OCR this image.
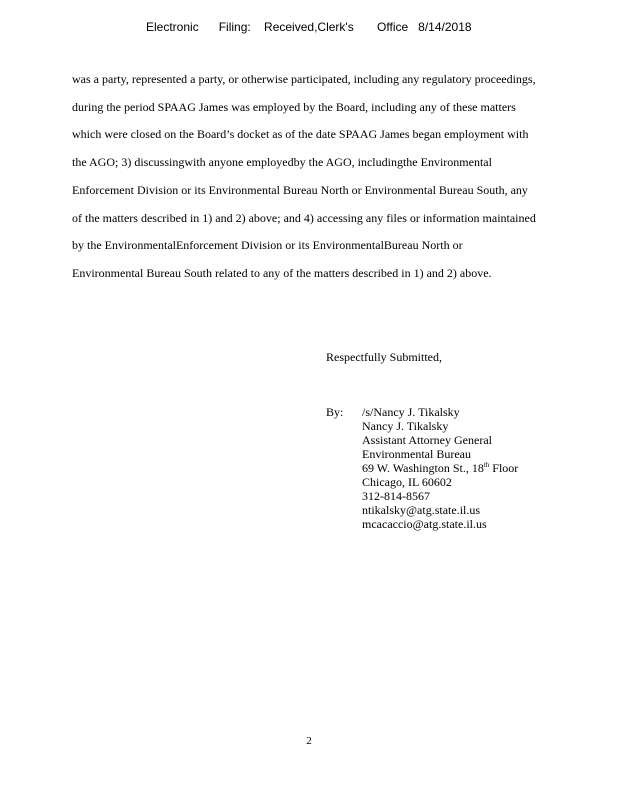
Electronic      Filing:    Received,Clerk's       Office   8/14/2018
was a party, represented a party, or otherwise participated, including any regulatory proceedings,
during the period SPAAG James was employed by the Board, including any of these matters
which were closed on the Board’s docket as of the date SPAAG James began employment with
the AGO; 3) discussingwith anyone employedby the AGO, includingthe Environmental
Enforcement Division or its Environmental Bureau North or Environmental Bureau South, any
of the matters described in 1) and 2) above; and 4) accessing any files or information maintained
by the EnvironmentalEnforcement Division or its EnvironmentalBureau North or
Environmental Bureau South related to any of the matters described in 1) and 2) above.
Respectfully Submitted,
By: /s/Nancy J. Tikalsky
Nancy J. Tikalsky
Assistant Attorney General
Environmental Bureau
69 W. Washington St., 18th Floor
Chicago, IL 60602
312-814-8567
ntikalsky@atg.state.il.us
mcacaccio@atg.state.il.us
2
